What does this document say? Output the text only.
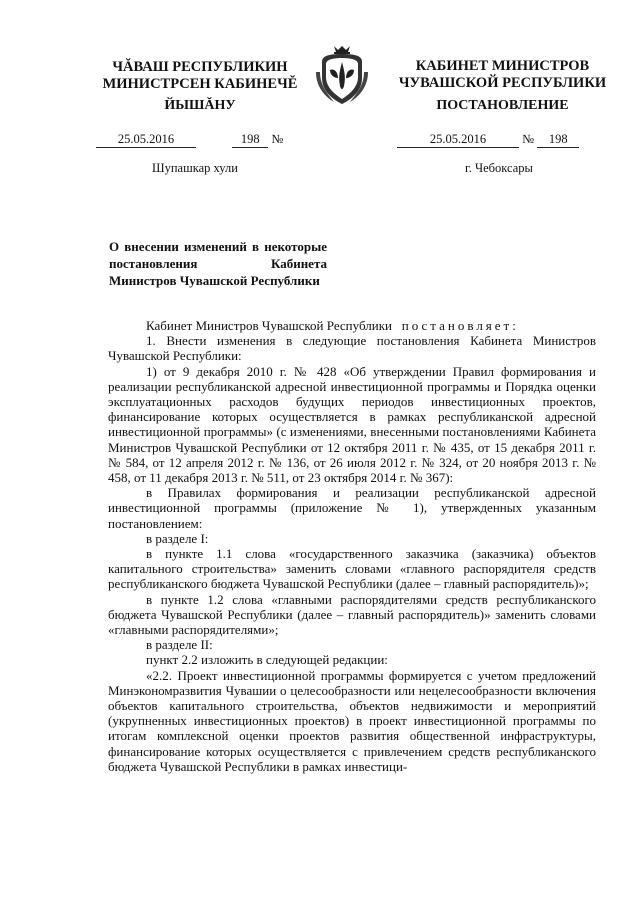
ЧĂВАШ РЕСПУБЛИКИН
МИНИСТРСЕН КАБИНЕЧĔ
ЙЫШĂНУ
КАБИНЕТ МИНИСТРОВ
ЧУВАШСКОЙ РЕСПУБЛИКИ
ПОСТАНОВЛЕНИЕ
25.05.2016	198 №	25.05.2016	№ 198
Шупашкар хули	г. Чебоксары
О внесении изменений в некоторые постановления Кабинета Министров Чувашской Республики

Кабинет Министров Чувашской Республики постановляет:

1. Внести изменения в следующие постановления Кабинета Министров Чувашской Республики:

1) от 9 декабря 2010 г. № 428 «Об утверждении Правил формирования и реализации республиканской адресной инвестиционной программы и Порядка оценки эксплуатационных расходов будущих периодов инвестиционных проектов, финансирование которых осуществляется в рамках республиканской адресной инвестиционной программы» (с изменениями, внесенными постановлениями Кабинета Министров Чувашской Республики от 12 октября 2011 г. № 435, от 15 декабря 2011 г. № 584, от 12 апреля 2012 г. № 136, от 26 июля 2012 г. № 324, от 20 ноября 2013 г. № 458, от 11 декабря 2013 г. № 511, от 23 октября 2014 г. № 367):

в Правилах формирования и реализации республиканской адресной инвестиционной программы (приложение № 1), утвержденных указанным постановлением:

в разделе I:

в пункте 1.1 слова «государственного заказчика (заказчика) объектов капитального строительства» заменить словами «главного распорядителя средств республиканского бюджета Чувашской Республики (далее – главный распорядитель)»;

в пункте 1.2 слова «главными распорядителями средств республиканского бюджета Чувашской Республики (далее – главный распорядитель)» заменить словами «главными распорядителями»;

в разделе II:

пункт 2.2 изложить в следующей редакции:

«2.2. Проект инвестиционной программы формируется с учетом предложений Минэкономразвития Чувашии о целесообразности или нецелесообразности включения объектов капитального строительства, объектов недвижимости и мероприятий (укрупненных инвестиционных проектов) в проект инвестиционной программы по итогам комплексной оценки проектов развития общественной инфраструктуры, финансирование которых осуществляется с привлечением средств республиканского бюджета Чувашской Республики в рамках инвестици-
